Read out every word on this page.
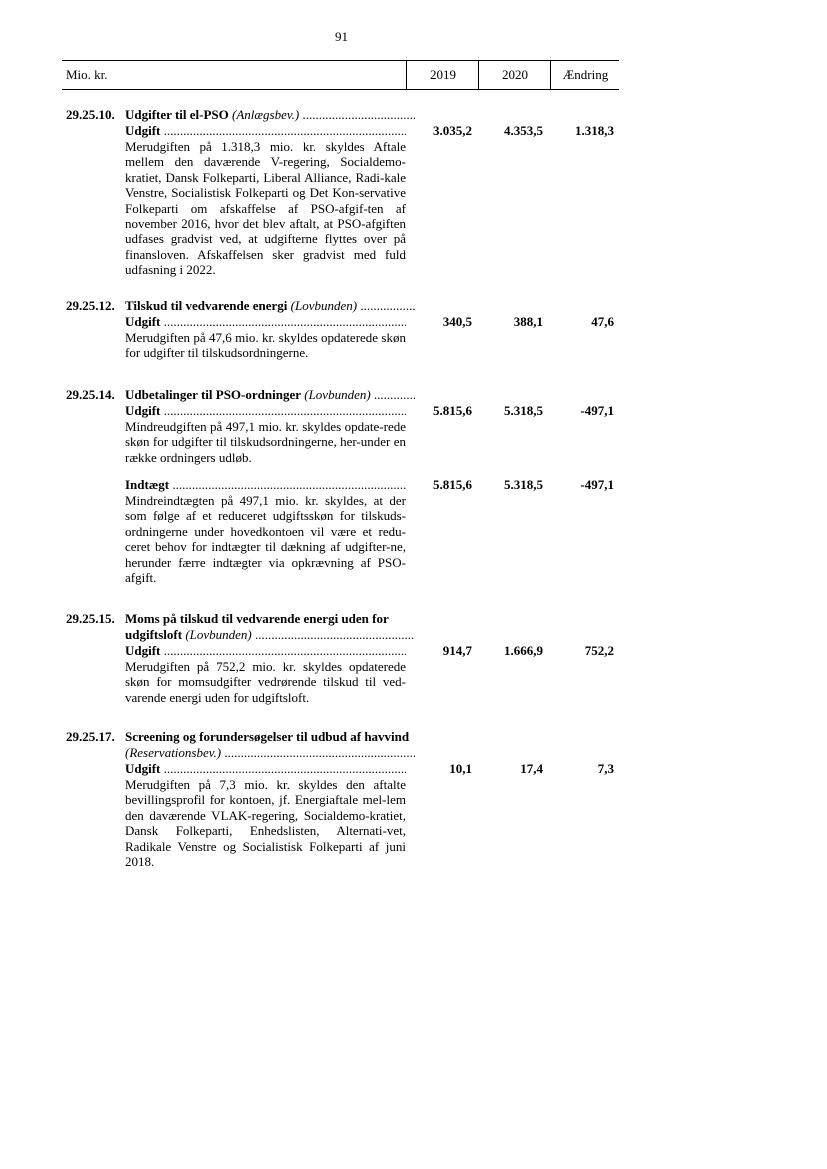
91
Mio. kr.	2019	2020	Ændring
29.25.10. Udgifter til el-PSO (Anlægsbev.) .....
Udgift .....	3.035,2 4.353,5 1.318,3
Merudgiften på 1.318,3 mio. kr. skyldes Aftale mellem den daværende V-regering, Socialdemo-kratiet, Dansk Folkeparti, Liberal Alliance, Radi-kale Venstre, Socialistisk Folkeparti og Det Kon-servative Folkeparti om afskaffelse af PSO-afgif-ten af november 2016, hvor det blev aftalt, at PSO-afgiften udfases gradvist ved, at udgifterne flyttes over på finansloven. Afskaffelsen sker gradvist med fuld udfasning i 2022.
29.25.12. Tilskud til vedvarende energi (Lovbunden) .....
Udgift .....	340,5	388,1	47,6
Merudgiften på 47,6 mio. kr. skyldes opdaterede skøn for udgifter til tilskudsordningerne.
29.25.14. Udbetalinger til PSO-ordninger (Lovbunden) .....
Udgift .....	5.815,6 5.318,5	-497,1
Mindreudgiften på 497,1 mio. kr. skyldes opdate-rede skøn for udgifter til tilskudsordningerne, her-under en række ordningers udløb.
Indtægt .....	5.815,6 5.318,5	-497,1
Mindreindtægten på 497,1 mio. kr. skyldes, at der som følge af et reduceret udgiftsskøn for tilskuds-ordningerne under hovedkontoen vil være et redu-ceret behov for indtægter til dækning af udgifter-ne, herunder færre indtægter via opkrævning af PSO-afgift.
29.25.15. Moms på tilskud til vedvarende energi uden for
udgiftsloft (Lovbunden) .....
Udgift .....	914,7 1.666,9	752,2
Merudgiften på 752,2 mio. kr. skyldes opdaterede skøn for momsudgifter vedrørende tilskud til ved-varende energi uden for udgiftsloft.
29.25.17. Screening og forundersøgelser til udbud af havvind
(Reservationsbev.) .....
Udgift .....	10,1	17,4	7,3
Merudgiften på 7,3 mio. kr. skyldes den aftalte bevillingsprofil for kontoen, jf. Energiaftale mel-lem den daværende VLAK-regering, Socialdemo-kratiet, Dansk Folkeparti, Enhedslisten, Alternati-vet, Radikale Venstre og Socialistisk Folkeparti af juni 2018.
